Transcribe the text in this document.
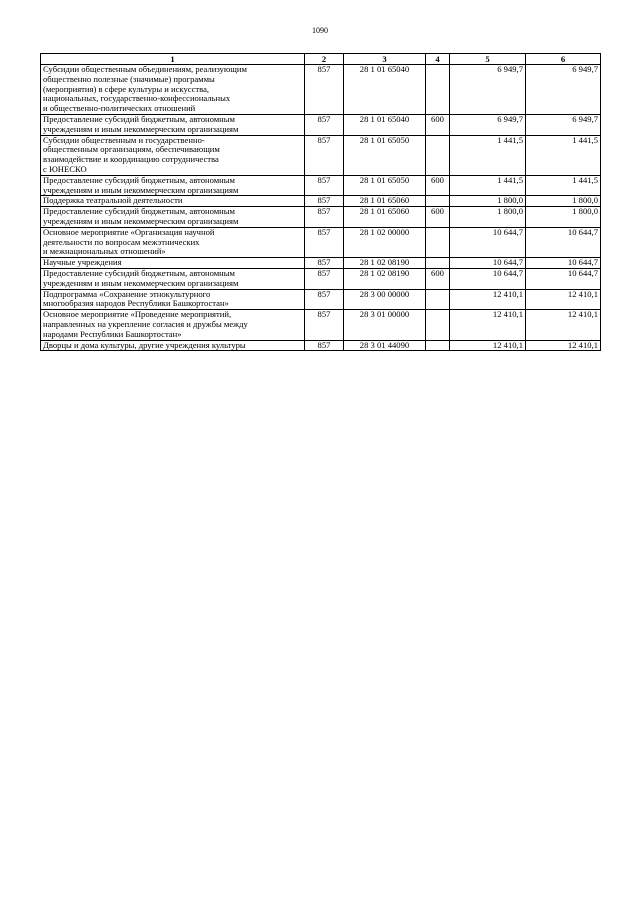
1090
1	2	3	4	5	6

Субсидии общественным объединениям, реализующим
общественно полезные (значимые) программы
(мероприятия) в сфере культуры и искусства,
национальных, государственно-конфессиональных
и общественно-политических отношений	857	28 1 01 65040		6 949,7	6 949,7

Предоставление субсидий бюджетным, автономным
учреждениям и иным некоммерческим организациям	857	28 1 01 65040	600	6 949,7	6 949,7

Субсидии общественным и государственно-
общественным организациям, обеспечивающим
взаимодействие и координацию сотрудничества
с ЮНЕСКО	857	28 1 01 65050		1 441,5	1 441,5

Предоставление субсидий бюджетным, автономным
учреждениям и иным некоммерческим организациям	857	28 1 01 65050	600	1 441,5	1 441,5

Поддержка театральной деятельности	857	28 1 01 65060		1 800,0	1 800,0

Предоставление субсидий бюджетным, автономным
учреждениям и иным некоммерческим организациям	857	28 1 01 65060	600	1 800,0	1 800,0

Основное мероприятие «Организация научной
деятельности по вопросам межэтнических
и межнациональных отношений»	857	28 1 02 00000		10 644,7	10 644,7

Научные учреждения	857	28 1 02 08190		10 644,7	10 644,7

Предоставление субсидий бюджетным, автономным
учреждениям и иным некоммерческим организациям	857	28 1 02 08190	600	10 644,7	10 644,7

Подпрограмма «Сохранение этнокультурного
многообразия народов Республики Башкортостан»	857	28 3 00 00000		12 410,1	12 410,1

Основное мероприятие «Проведение мероприятий,
направленных на укрепление согласия и дружбы между
народами Республики Башкортостан»	857	28 3 01 00000		12 410,1	12 410,1

Дворцы и дома культуры, другие учреждения культуры	857	28 3 01 44090		12 410,1	12 410,1
